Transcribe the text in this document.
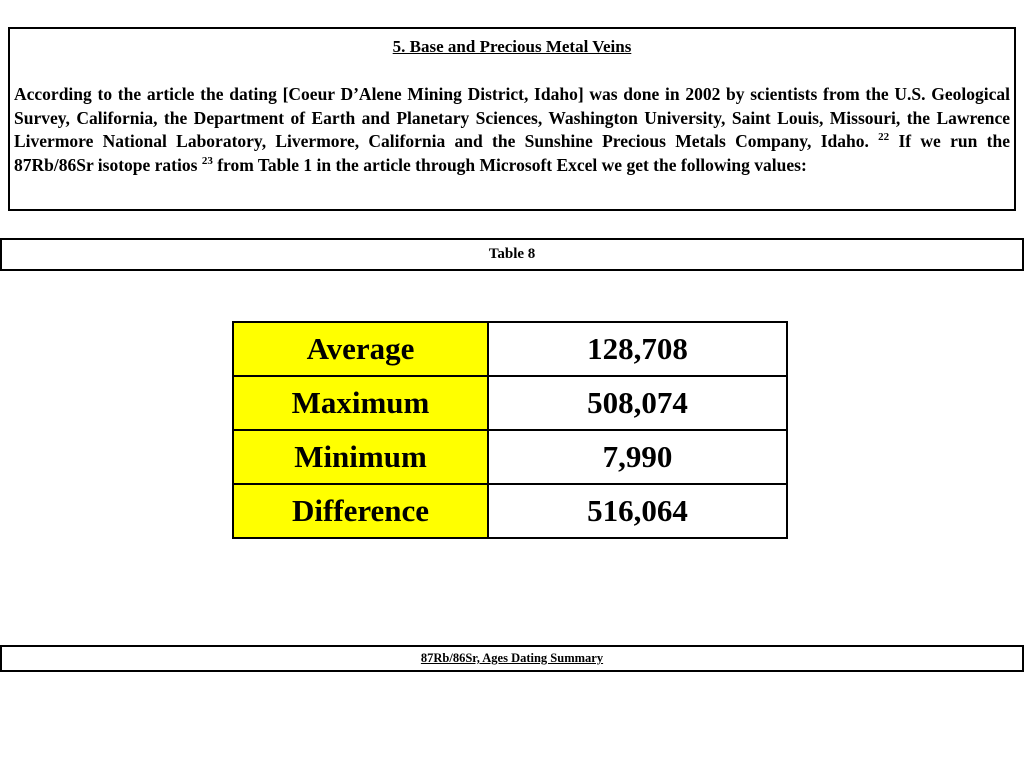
5. Base and Precious Metal Veins

According to the article the dating [Coeur D’Alene Mining District, Idaho] was done in 2002 by scientists from the U.S. Geological Survey, California, the Department of Earth and Planetary Sciences, Washington University, Saint Louis, Missouri, the Lawrence Livermore National Laboratory, Livermore, California and the Sunshine Precious Metals Company, Idaho. $^{22}$ If we run the 87Rb/86Sr isotope ratios $^{23}$ from Table 1 in the article through Microsoft Excel we get the following values:

Table 8
Average	128,708
Maximum	508,074
Minimum	7,990
Difference	516,064
87Rb/86Sr, Ages Dating Summary
